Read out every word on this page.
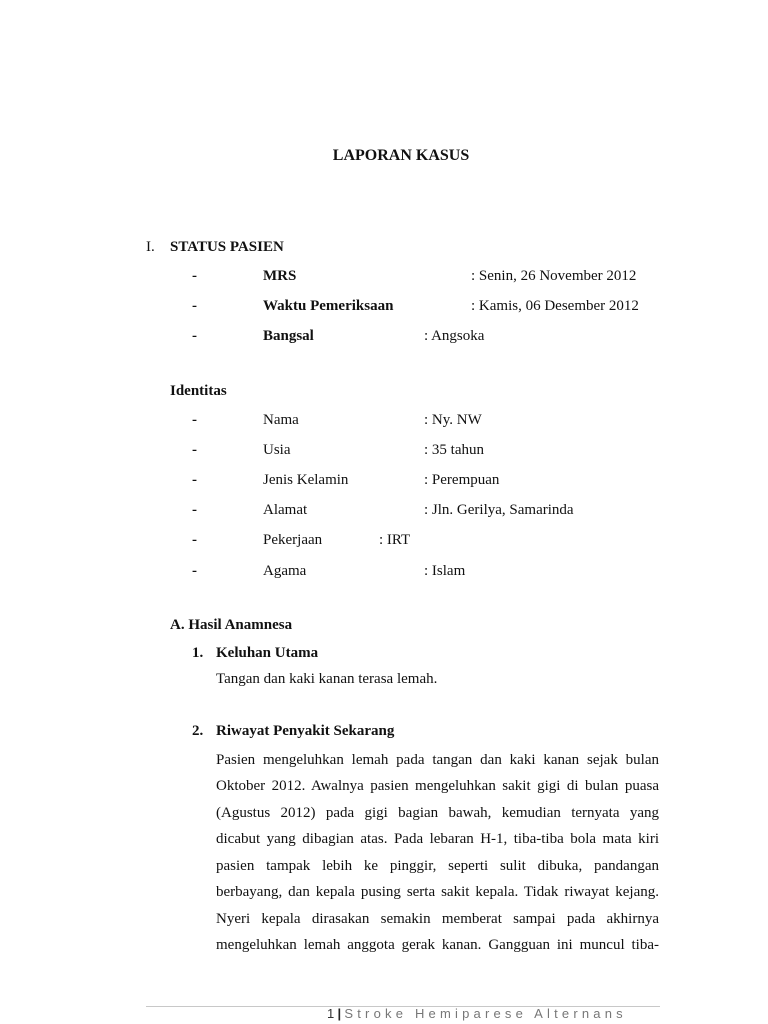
LAPORAN KASUS
I. STATUS PASIEN
-	MRS	: Senin, 26 November 2012
-	Waktu Pemeriksaan	: Kamis, 06 Desember 2012
-	Bangsal	: Angsoka
Identitas
-	Nama	: Ny. NW
-	Usia	: 35 tahun
-	Jenis Kelamin	: Perempuan
-	Alamat	: Jln. Gerilya, Samarinda
-	Pekerjaan	: IRT
-	Agama	: Islam
A. Hasil Anamnesa
1. Keluhan Utama
Tangan dan kaki kanan terasa lemah.
2. Riwayat Penyakit Sekarang
Pasien mengeluhkan lemah pada tangan dan kaki kanan sejak bulan
Oktober 2012. Awalnya pasien mengeluhkan sakit gigi di bulan puasa
(Agustus 2012) pada gigi bagian bawah, kemudian ternyata yang
dicabut yang dibagian atas. Pada lebaran H-1, tiba-tiba bola mata kiri
pasien tampak lebih ke pinggir, seperti sulit dibuka, pandangan
berbayang, dan kepala pusing serta sakit kepala. Tidak riwayat kejang.
Nyeri kepala dirasakan semakin memberat sampai pada akhirnya
mengeluhkan lemah anggota gerak kanan. Gangguan ini muncul tiba-
1 | Stroke Hemiparese Alternans
